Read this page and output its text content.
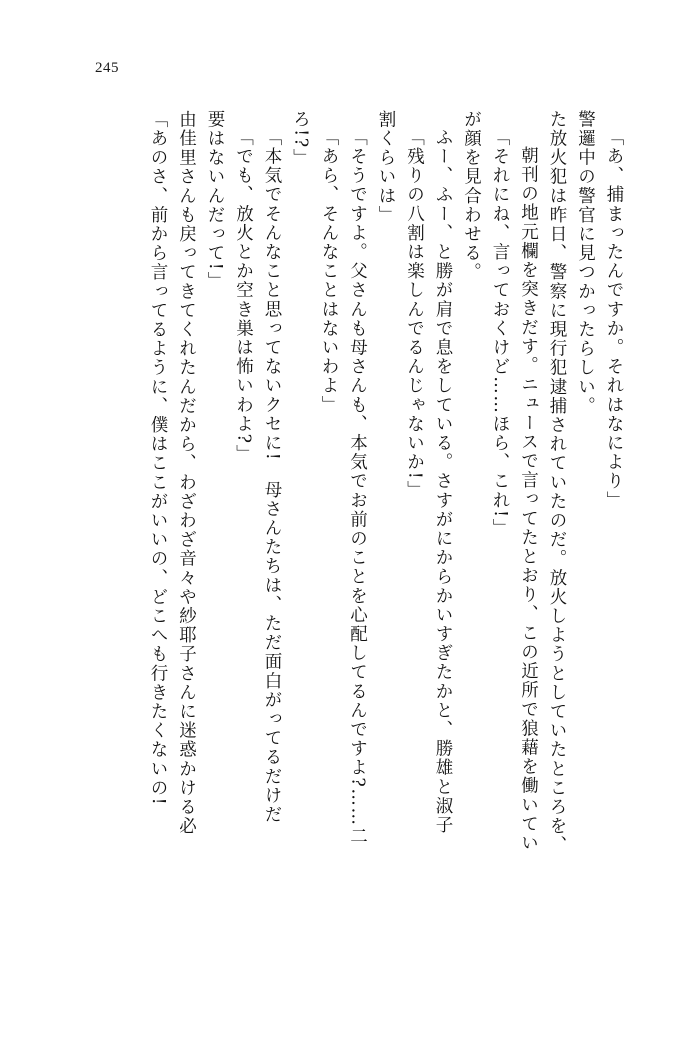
245
「あのさ、前から言ってるように、僕はここがいいの、どこへも行きたくないの! 由佳里さんも戻ってきてくれたんだから、わざわざ音々や紗耶子さんに迷惑かける必 要はないんだって!」 「でも、放火とか空き巣は怖いわよ?」 「本気でそんなこと思ってないクセに!　母さんたちは、ただ面白がってるだけだ ろ!?」 「あら、そんなことはないわよ」 「そうですよ。父さんも母さんも、本気でお前のことを心配してるんですよ?……二 割くらいは」 「残りの八割は楽しんでるんじゃないか!」 ふー、ふー、と勝が肩で息をしている。さすがにからかいすぎたかと、勝雄と淑子 が顔を見合わせる。 「それにね、言っておくけど……ほら、これ!」 朝刊の地元欄を突きだす。ニュースで言ってたとおり、この近所で狼藉を働いてい た放火犯は昨日、警察に現行犯逮捕されていたのだ。放火しようとしていたところを、 警邏中の警官に見つかったらしい。 「あ、捕まったんですか。それはなにより」
